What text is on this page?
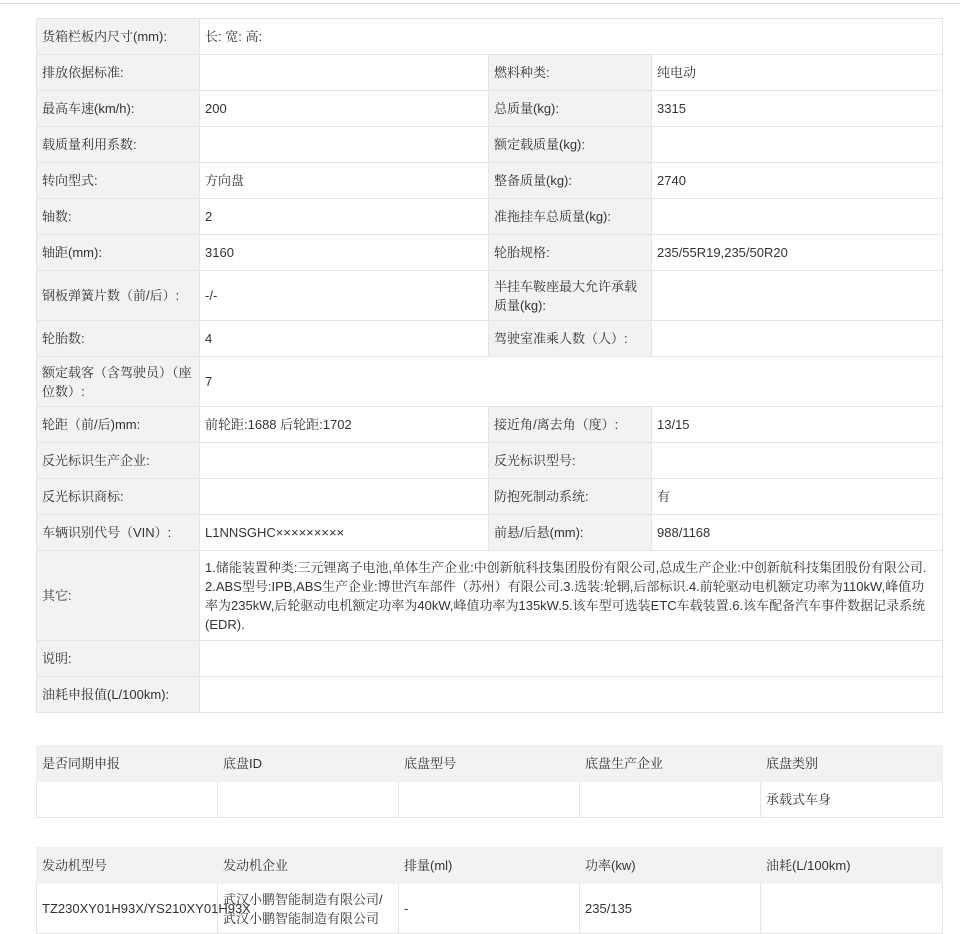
货箱栏板内尺寸(mm):	长: 宽: 高:		
排放依据标准:		燃料种类:	纯电动
最高车速(km/h):	200	总质量(kg):	3315
载质量利用系数:		额定载质量(kg):	
转向型式:	方向盘	整备质量(kg):	2740
轴数:	2	准拖挂车总质量(kg):	
轴距(mm):	3160	轮胎规格:	235/55R19,235/50R20
钢板弹簧片数（前/后）:	-/-	半挂车鞍座最大允许承载质量(kg):	
轮胎数:	4	驾驶室准乘人数（人）:	
额定载客（含驾驶员）（座位数）:	7		
轮距（前/后)mm:	前轮距:1688 后轮距:1702	接近角/离去角（度）:	13/15
反光标识生产企业:		反光标识型号:	
反光标识商标:		防抱死制动系统:	有
车辆识别代号（VIN）:	L1NNSGHC×××××××××	前悬/后悬(mm):	988/1168
其它:	1.储能装置种类:三元锂离子电池,单体生产企业:中创新航科技集团股份有限公司,总成生产企业:中创新航科技集团股份有限公司.2.ABS型号:IPB,ABS生产企业:博世汽车部件（苏州）有限公司.3.选装:轮辋,后部标识.4.前轮驱动电机额定功率为110kW,峰值功率为235kW,后轮驱动电机额定功率为40kW,峰值功率为135kW.5.该车型可选装ETC车载装置.6.该车配备汽车事件数据记录系统(EDR).		
说明:			
油耗申报值(L/100km):			
是否同期申报	底盘ID	底盘型号	底盘生产企业	底盘类别
				承载式车身
发动机型号	发动机企业	排量(ml)	功率(kw)	油耗(L/100km)
TZ230XY01H93X/YS210XY01H93X	武汉小鹏智能制造有限公司/武汉小鹏智能制造有限公司	-	235/135	
